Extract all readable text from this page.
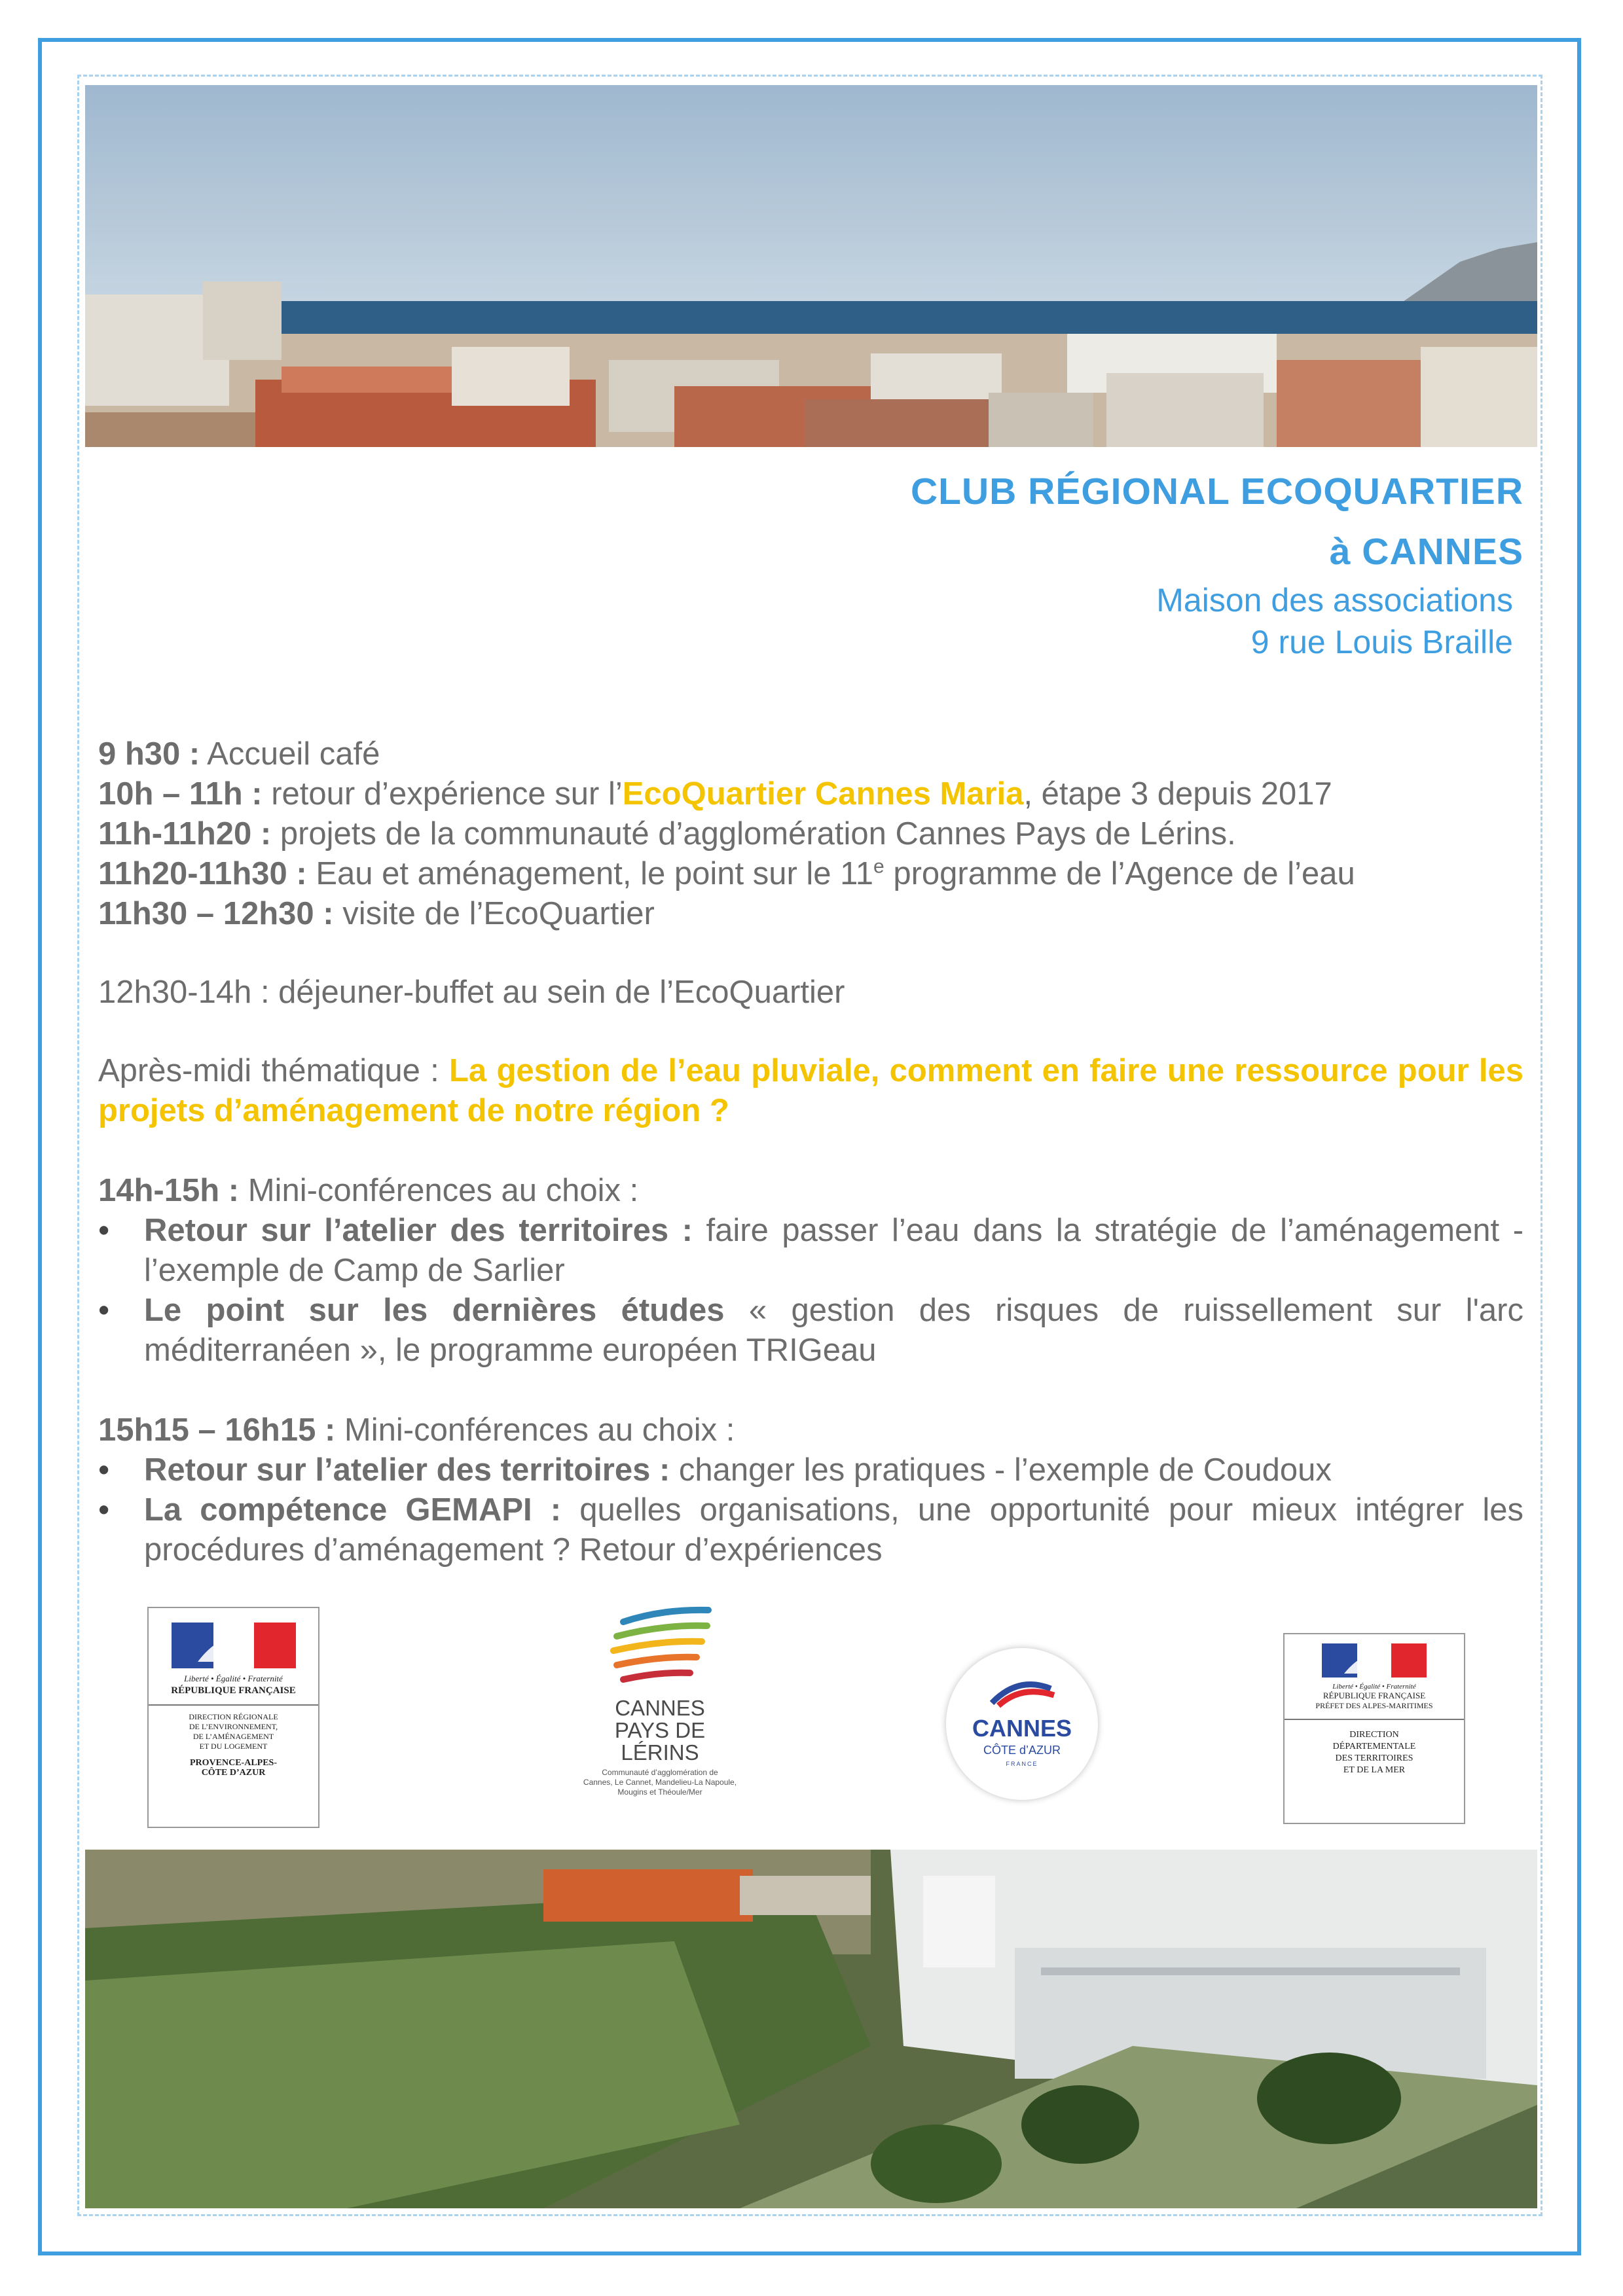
CLUB RÉGIONAL ECOQUARTIER
à CANNES
Maison des associations
9 rue Louis Braille
9 h30 : Accueil café
10h – 11h : retour d’expérience sur l’EcoQuartier Cannes Maria, étape 3 depuis 2017
11h-11h20 : projets de la communauté d’agglomération Cannes Pays de Lérins.
11h20-11h30 : Eau et aménagement, le point sur le 11e programme de l’Agence de l’eau
11h30 – 12h30 : visite de l’EcoQuartier
12h30-14h : déjeuner-buffet au sein de l’EcoQuartier
Après-midi thématique : La gestion de l’eau pluviale, comment en faire une ressource pour les projets d’aménagement de notre région ?
14h-15h : Mini-conférences au choix :
• Retour sur l’atelier des territoires : faire passer l’eau dans la stratégie de l’aménagement - l’exemple de Camp de Sarlier
• Le point sur les dernières études « gestion des risques de ruissellement sur l'arc méditerranéen », le programme européen TRIGeau
15h15 – 16h15 : Mini-conférences au choix :
• Retour sur l’atelier des territoires : changer les pratiques - l’exemple de Coudoux
• La compétence GEMAPI : quelles organisations, une opportunité pour mieux intégrer les procédures d’aménagement ? Retour d’expériences
Liberté • Égalité • Fraternité
RÉPUBLIQUE FRANÇAISE
DIRECTION RÉGIONALE
DE L’ENVIRONNEMENT,
DE L’AMÉNAGEMENT
ET DU LOGEMENT
PROVENCE-ALPES-
CÔTE D’AZUR
CANNES
PAYS DE
LÉRINS
Communauté d’agglomération de
Cannes, Le Cannet, Mandelieu-La Napoule,
Mougins et Théoule/Mer
CANNES
CÔTE d’AZUR
FRANCE
Liberté • Égalité • Fraternité
RÉPUBLIQUE FRANÇAISE
PRÉFET DES ALPES-MARITIMES
DIRECTION
DÉPARTEMENTALE
DES TERRITOIRES
ET DE LA MER
